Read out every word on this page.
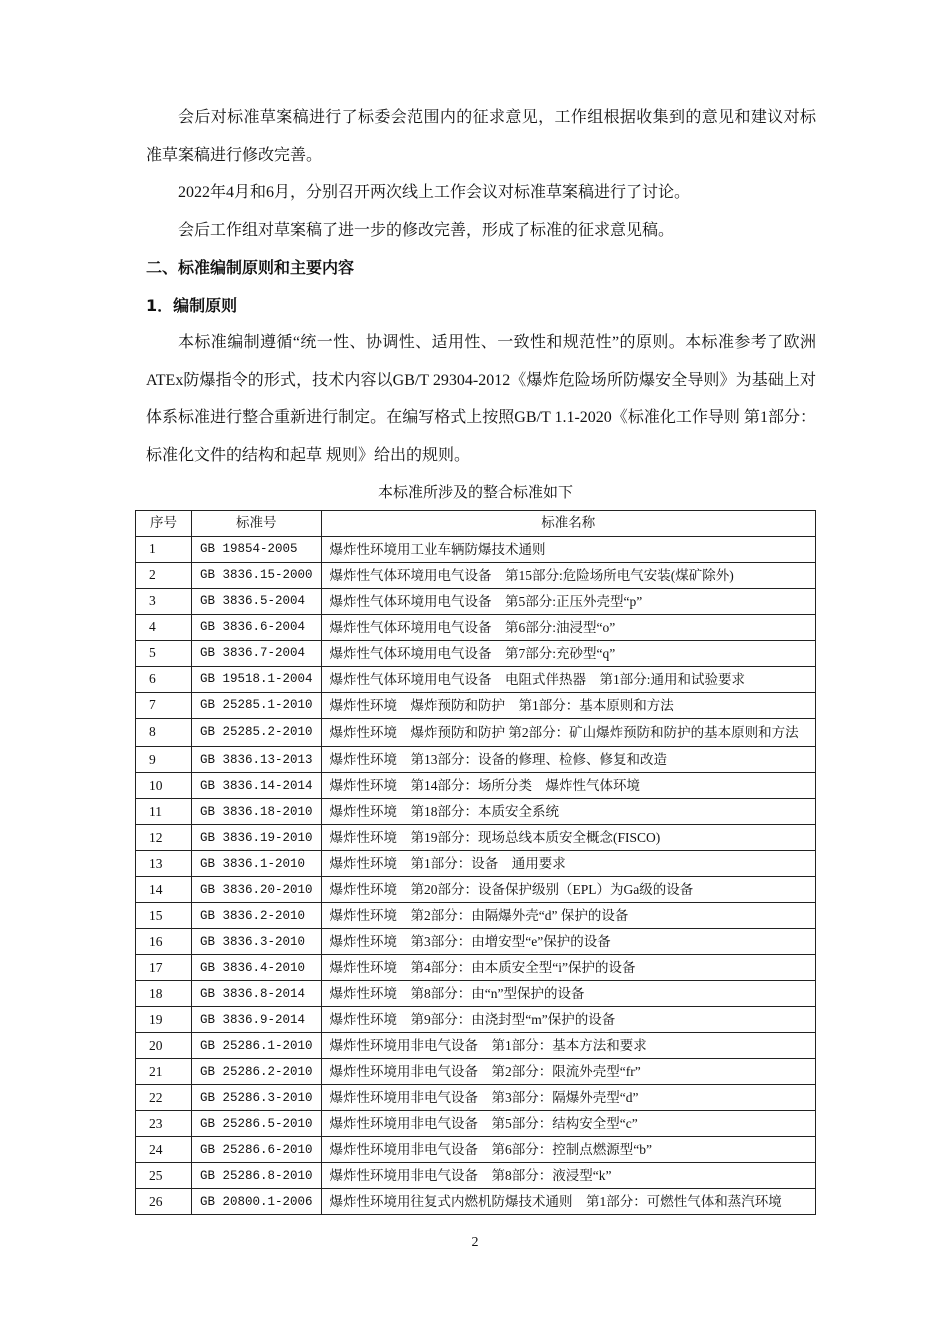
会后对标准草案稿进行了标委会范围内的征求意见，工作组根据收集到的意见和建议对标准草案稿进行修改完善。

2022年4月和6月，分别召开两次线上工作会议对标准草案稿进行了讨论。

会后工作组对草案稿了进一步的修改完善，形成了标准的征求意见稿。

二、标准编制原则和主要内容
1．编制原则

本标准编制遵循“统一性、协调性、适用性、一致性和规范性”的原则。本标准参考了欧洲ATEx防爆指令的形式，技术内容以GB/T 29304-2012《爆炸危险场所防爆安全导则》为基础上对体系标准进行整合重新进行制定。在编写格式上按照GB/T 1.1-2020《标准化工作导则 第1部分：标准化文件的结构和起草 规则》给出的规则。

本标准所涉及的整合标准如下
序号	标准号	标准名称
1	GB 19854-2005	爆炸性环境用工业车辆防爆技术通则
2	GB 3836.15-2000	爆炸性气体环境用电气设备　第15部分:危险场所电气安装(煤矿除外)
3	GB 3836.5-2004	爆炸性气体环境用电气设备　第5部分:正压外壳型“p”
4	GB 3836.6-2004	爆炸性气体环境用电气设备　第6部分:油浸型“o”
5	GB 3836.7-2004	爆炸性气体环境用电气设备　第7部分:充砂型“q”
6	GB 19518.1-2004	爆炸性气体环境用电气设备　电阻式伴热器　第1部分:通用和试验要求
7	GB 25285.1-2010	爆炸性环境　爆炸预防和防护　第1部分：基本原则和方法
8	GB 25285.2-2010	爆炸性环境　爆炸预防和防护 第2部分：矿山爆炸预防和防护的基本原则和方法
9	GB 3836.13-2013	爆炸性环境　第13部分：设备的修理、检修、修复和改造
10	GB 3836.14-2014	爆炸性环境　第14部分：场所分类　爆炸性气体环境
11	GB 3836.18-2010	爆炸性环境　第18部分：本质安全系统
12	GB 3836.19-2010	爆炸性环境　第19部分：现场总线本质安全概念(FISCO)
13	GB 3836.1-2010	爆炸性环境　第1部分：设备　通用要求
14	GB 3836.20-2010	爆炸性环境　第20部分：设备保护级别（EPL）为Ga级的设备
15	GB 3836.2-2010	爆炸性环境　第2部分：由隔爆外壳“d” 保护的设备
16	GB 3836.3-2010	爆炸性环境　第3部分：由增安型“e”保护的设备
17	GB 3836.4-2010	爆炸性环境　第4部分：由本质安全型“i”保护的设备
18	GB 3836.8-2014	爆炸性环境　第8部分：由“n”型保护的设备
19	GB 3836.9-2014	爆炸性环境　第9部分：由浇封型“m”保护的设备
20	GB 25286.1-2010	爆炸性环境用非电气设备　第1部分：基本方法和要求
21	GB 25286.2-2010	爆炸性环境用非电气设备　第2部分：限流外壳型“fr”
22	GB 25286.3-2010	爆炸性环境用非电气设备　第3部分：隔爆外壳型“d”
23	GB 25286.5-2010	爆炸性环境用非电气设备　第5部分：结构安全型“c”
24	GB 25286.6-2010	爆炸性环境用非电气设备　第6部分：控制点燃源型“b”
25	GB 25286.8-2010	爆炸性环境用非电气设备　第8部分：液浸型“k”
26	GB 20800.1-2006	爆炸性环境用往复式内燃机防爆技术通则　第1部分：可燃性气体和蒸汽环境
2
